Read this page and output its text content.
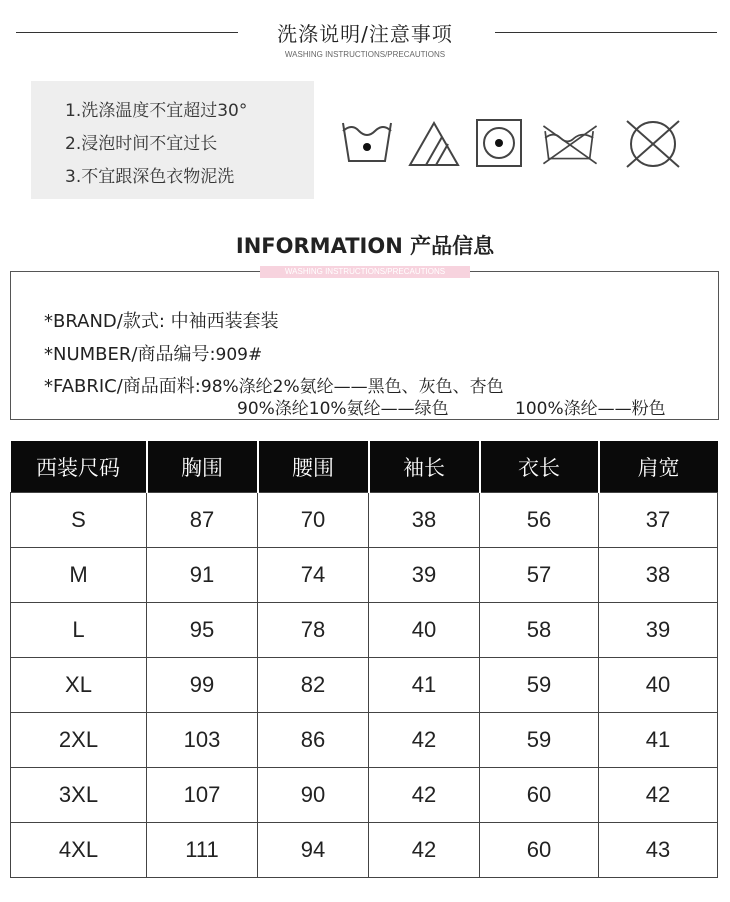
洗涤说明/注意事项
WASHING INSTRUCTIONS/PRECAUTIONS
1.洗涤温度不宜超过30°
2.浸泡时间不宜过长
3.不宜跟深色衣物泥洗
INFORMATION 产品信息
WASHING INSTRUCTIONS/PRECAUTIONS
*BRAND/款式: 中袖西装套装
*NUMBER/商品编号:909#
*FABRIC/商品面料:98%涤纶2%氨纶——黑色、灰色、杏色
90%涤纶10%氨纶——绿色	100%涤纶——粉色
西装尺码	胸围	腰围	袖长	衣长	肩宽
S	87	70	38	56	37
M	91	74	39	57	38
L	95	78	40	58	39
XL	99	82	41	59	40
2XL	103	86	42	59	41
3XL	107	90	42	60	42
4XL	111	94	42	60	43
